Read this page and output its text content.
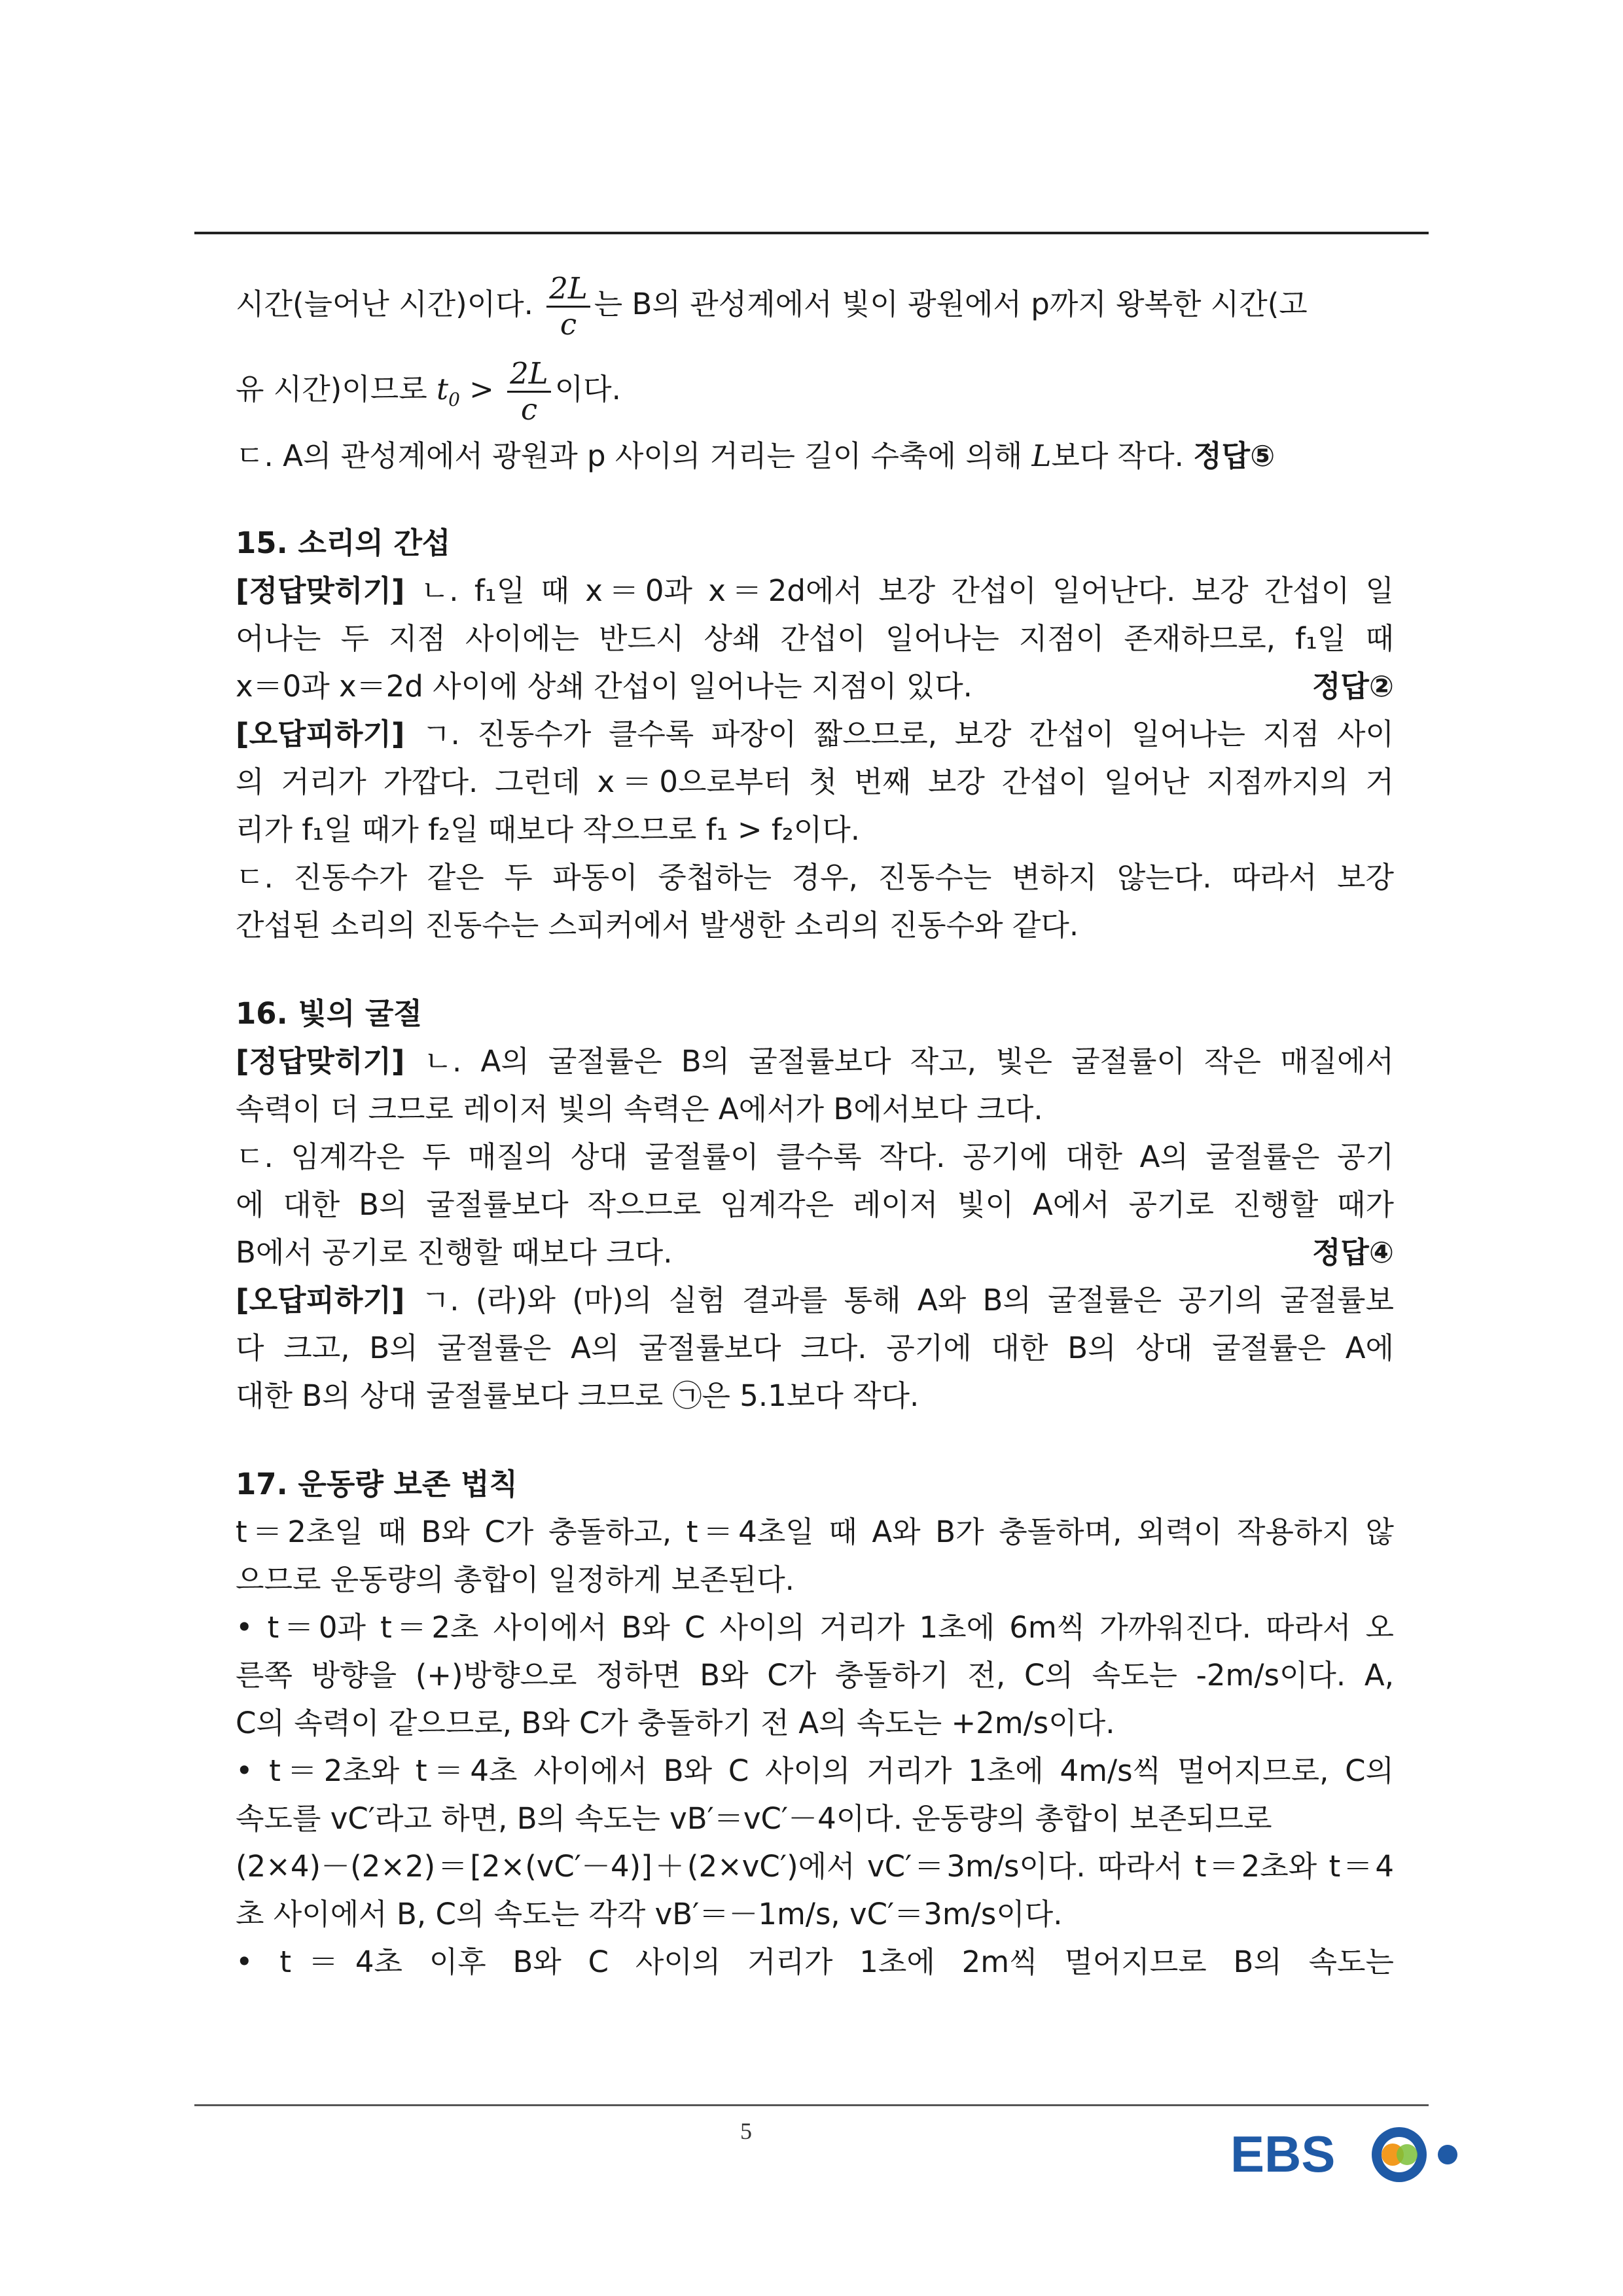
시간(늘어난 시간)이다. $\frac{2L}{c}$ 는 B의 관성계에서 빛이 광원에서 p까지 왕복한 시간(고
유 시간)이므로 $t_0 > \frac{2L}{c}$ 이다.
ㄷ. A의 관성계에서 광원과 p 사이의 거리는 길이 수축에 의해 L보다 작다. 정답⑤
15. 소리의 간섭
[정답맞히기] ㄴ. f₁일 때 x＝0과 x＝2d에서 보강 간섭이 일어난다. 보강 간섭이 일
어나는 두 지점 사이에는 반드시 상쇄 간섭이 일어나는 지점이 존재하므로, f₁일 때
x＝0과 x＝2d 사이에 상쇄 간섭이 일어나는 지점이 있다.	정답②
[오답피하기] ㄱ. 진동수가 클수록 파장이 짧으므로, 보강 간섭이 일어나는 지점 사이
의 거리가 가깝다. 그런데 x＝0으로부터 첫 번째 보강 간섭이 일어난 지점까지의 거
리가 f₁일 때가 f₂일 때보다 작으므로 f₁ > f₂이다.
ㄷ. 진동수가 같은 두 파동이 중첩하는 경우, 진동수는 변하지 않는다. 따라서 보강
간섭된 소리의 진동수는 스피커에서 발생한 소리의 진동수와 같다.
16. 빛의 굴절
[정답맞히기] ㄴ. A의 굴절률은 B의 굴절률보다 작고, 빛은 굴절률이 작은 매질에서
속력이 더 크므로 레이저 빛의 속력은 A에서가 B에서보다 크다.
ㄷ. 임계각은 두 매질의 상대 굴절률이 클수록 작다. 공기에 대한 A의 굴절률은 공기
에 대한 B의 굴절률보다 작으므로 임계각은 레이저 빛이 A에서 공기로 진행할 때가
B에서 공기로 진행할 때보다 크다.	정답④
[오답피하기] ㄱ. (라)와 (마)의 실험 결과를 통해 A와 B의 굴절률은 공기의 굴절률보
다 크고, B의 굴절률은 A의 굴절률보다 크다. 공기에 대한 B의 상대 굴절률은 A에
대한 B의 상대 굴절률보다 크므로 ㉠은 5.1보다 작다.
17. 운동량 보존 법칙
t＝2초일 때 B와 C가 충돌하고, t＝4초일 때 A와 B가 충돌하며, 외력이 작용하지 않
으므로 운동량의 총합이 일정하게 보존된다.
• t＝0과 t＝2초 사이에서 B와 C 사이의 거리가 1초에 6m씩 가까워진다. 따라서 오
른쪽 방향을 (+)방향으로 정하면 B와 C가 충돌하기 전, C의 속도는 -2m/s이다. A,
C의 속력이 같으므로, B와 C가 충돌하기 전 A의 속도는 +2m/s이다.
• t＝2초와 t＝4초 사이에서 B와 C 사이의 거리가 1초에 4m/s씩 멀어지므로, C의
속도를 vC′라고 하면, B의 속도는 vB′＝vC′－4이다. 운동량의 총합이 보존되므로
(2×4)－(2×2)＝[2×(vC′－4)]＋(2×vC′)에서 vC′＝3m/s이다. 따라서 t＝2초와 t＝4
초 사이에서 B, C의 속도는 각각 vB′＝－1m/s, vC′＝3m/s이다.
• t＝4초 이후 B와 C 사이의 거리가 1초에 2m씩 멀어지므로 B의 속도는
5	EBS
